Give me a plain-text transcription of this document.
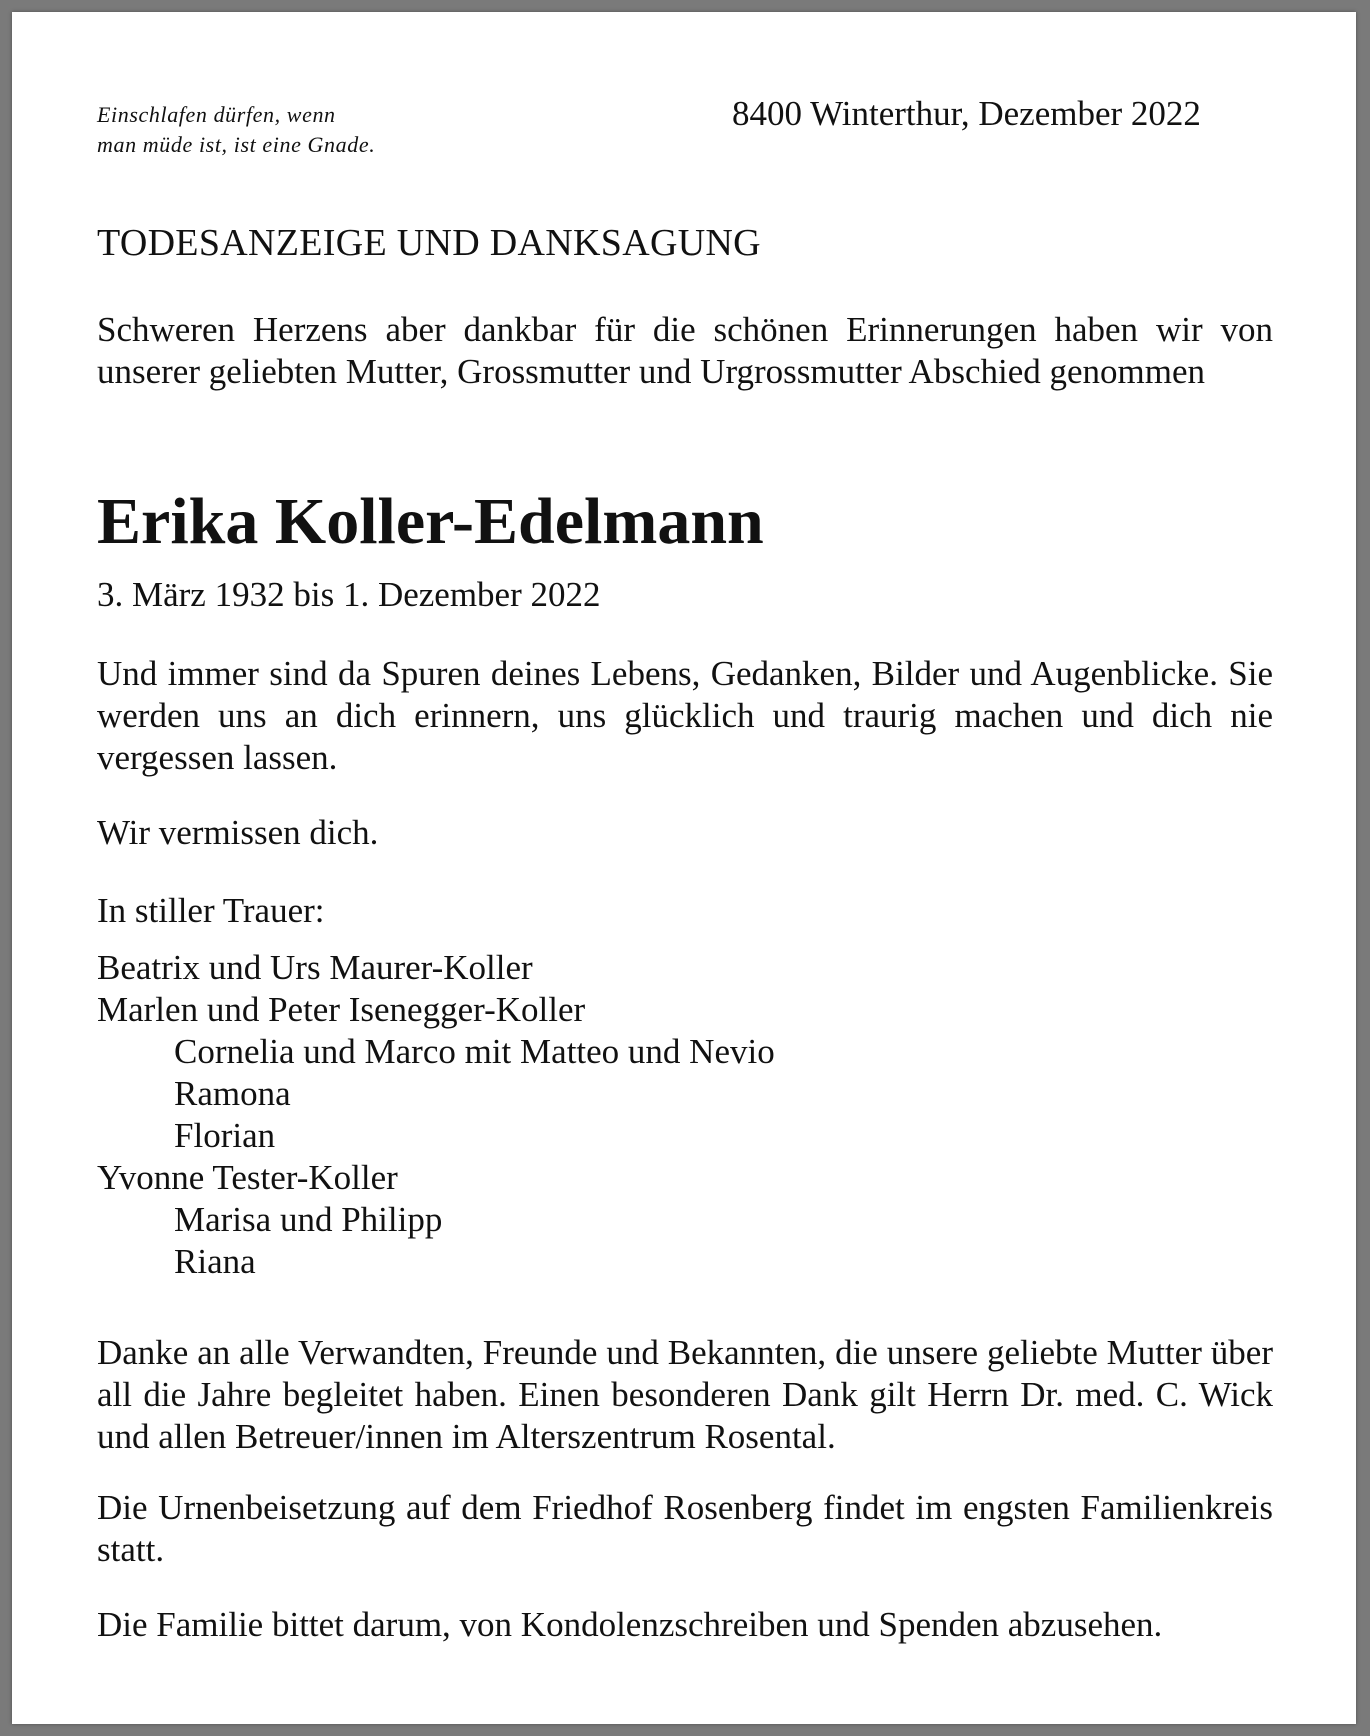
Einschlafen dürfen, wenn
man müde ist, ist eine Gnade.
8400 Winterthur, Dezember 2022
TODESANZEIGE UND DANKSAGUNG
Schweren Herzens aber dankbar für die schönen Erinnerungen haben wir von unserer geliebten Mutter, Grossmutter und Urgrossmutter Abschied genommen
Erika Koller-Edelmann
3. März 1932 bis 1. Dezember 2022
Und immer sind da Spuren deines Lebens, Gedanken, Bilder und Augenblicke. Sie werden uns an dich erinnern, uns glücklich und traurig machen und dich nie vergessen lassen.
Wir vermissen dich.
In stiller Trauer:
Beatrix und Urs Maurer-Koller
Marlen und Peter Isenegger-Koller
Cornelia und Marco mit Matteo und Nevio
Ramona
Florian
Yvonne Tester-Koller
Marisa und Philipp
Riana
Danke an alle Verwandten, Freunde und Bekannten, die unsere geliebte Mutter über all die Jahre begleitet haben. Einen besonderen Dank gilt Herrn Dr. med. C. Wick und allen Betreuer/innen im Alterszentrum Rosental.
Die Urnenbeisetzung auf dem Friedhof Rosenberg findet im engsten Familienkreis statt.
Die Familie bittet darum, von Kondolenzschreiben und Spenden abzusehen.
